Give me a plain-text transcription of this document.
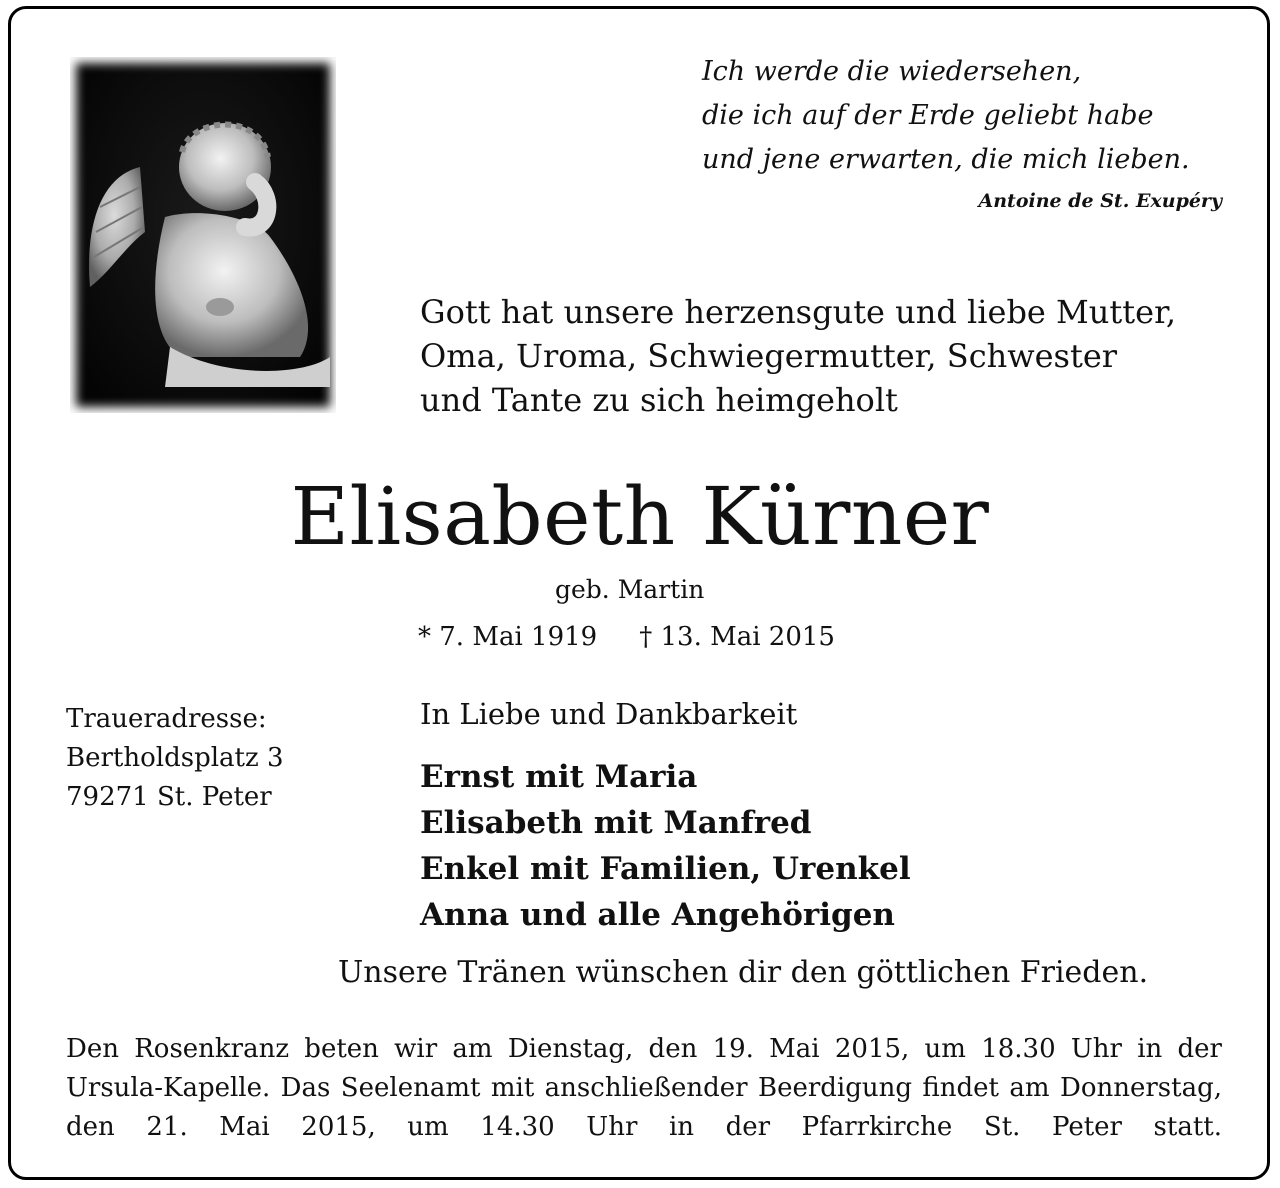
Ich werde die wiedersehen,
die ich auf der Erde geliebt habe
und jene erwarten, die mich lieben.
Antoine de St. Exupéry
Gott hat unsere herzensgute und liebe Mutter,
Oma, Uroma, Schwiegermutter, Schwester
und Tante zu sich heimgeholt
Elisabeth Kürner
geb. Martin
* 7. Mai 1919 † 13. Mai 2015
Traueradresse:
Bertholdsplatz 3
79271 St. Peter
In Liebe und Dankbarkeit
Ernst mit Maria
Elisabeth mit Manfred
Enkel mit Familien, Urenkel
Anna und alle Angehörigen
Unsere Tränen wünschen dir den göttlichen Frieden.
Den Rosenkranz beten wir am Dienstag, den 19. Mai 2015, um 18.30 Uhr in der Ursula-Kapelle. Das Seelenamt mit anschließender Beerdigung findet am Donnerstag, den 21. Mai 2015, um 14.30 Uhr in der Pfarrkirche St. Peter statt.
